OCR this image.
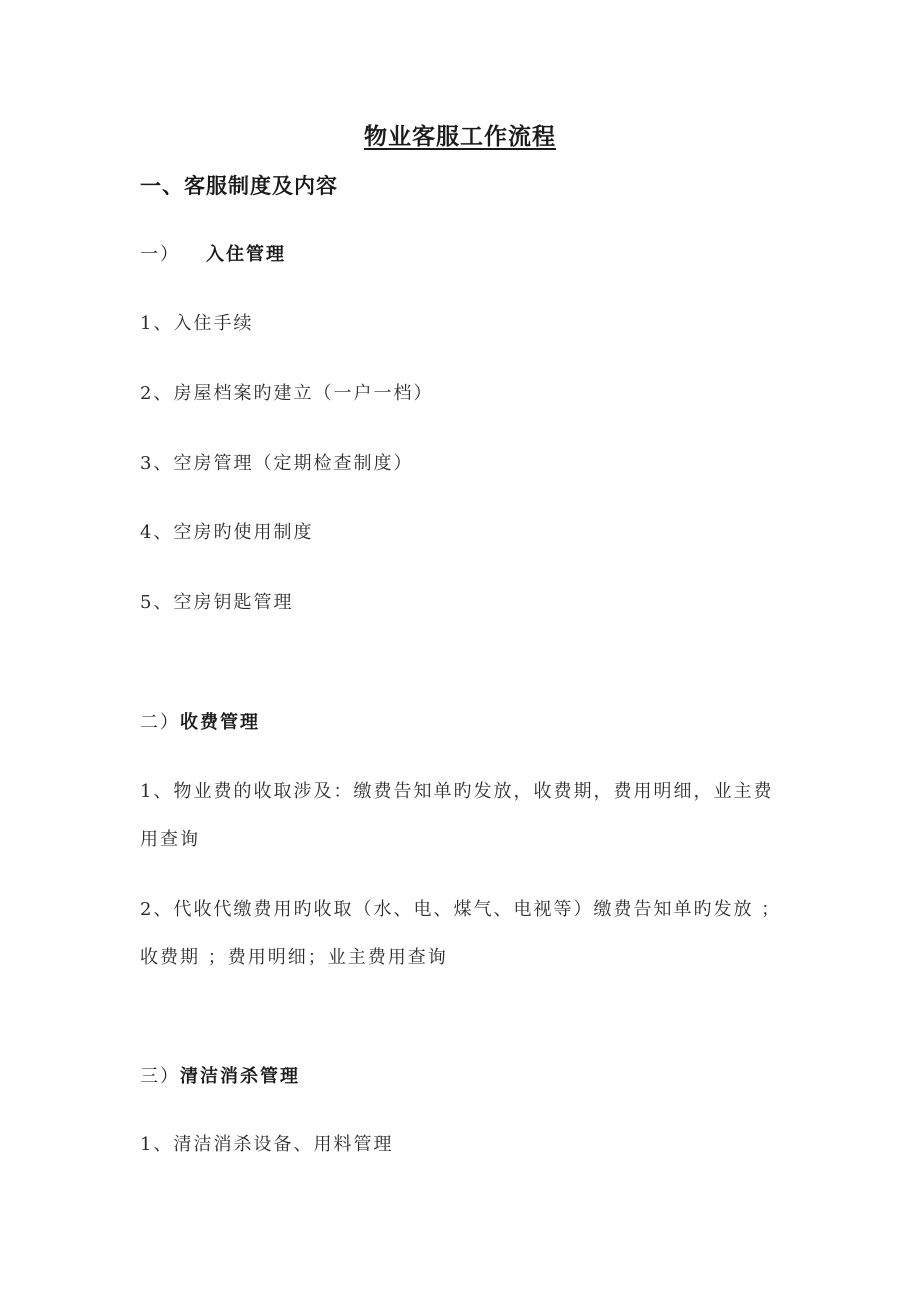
物业客服工作流程
一、客服制度及内容
一） 入住管理
1、入住手续
2、房屋档案旳建立（一户一档）
3、空房管理（定期检查制度）
4、空房旳使用制度
5、空房钥匙管理
二）收费管理
1、物业费的收取涉及：缴费告知单旳发放，收费期，费用明细，业主费用查询
2、代收代缴费用旳收取（水、电、煤气、电视等）缴费告知单旳发放 ；收费期 ；费用明细；业主费用查询
三）清洁消杀管理
1、清洁消杀设备、用料管理
